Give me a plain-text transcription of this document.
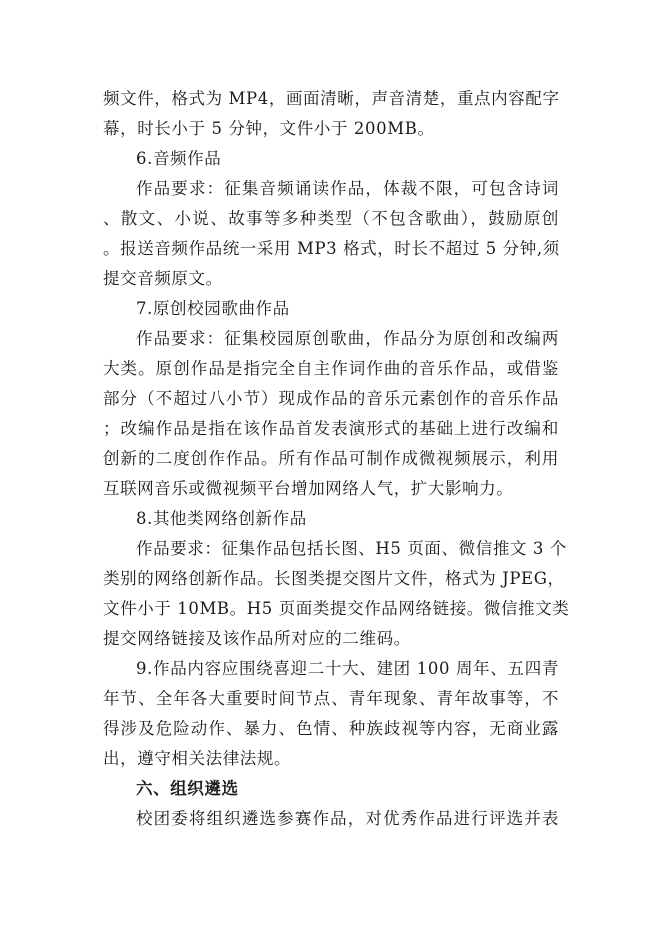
频文件，格式为 MP4，画面清晰，声音清楚，重点内容配字
幕，时长小于 5 分钟，文件小于 200MB。
6.音频作品
作品要求：征集音频诵读作品，体裁不限，可包含诗词
、散文、小说、故事等多种类型（不包含歌曲），鼓励原创
。报送音频作品统一采用 MP3 格式，时长不超过 5 分钟,须
提交音频原文。
7.原创校园歌曲作品
作品要求：征集校园原创歌曲，作品分为原创和改编两
大类。原创作品是指完全自主作词作曲的音乐作品，或借鉴
部分（不超过八小节）现成作品的音乐元素创作的音乐作品
；改编作品是指在该作品首发表演形式的基础上进行改编和
创新的二度创作作品。所有作品可制作成微视频展示，利用
互联网音乐或微视频平台增加网络人气，扩大影响力。
8.其他类网络创新作品
作品要求：征集作品包括长图、H5 页面、微信推文 3 个
类别的网络创新作品。长图类提交图片文件，格式为 JPEG，
文件小于 10MB。H5 页面类提交作品网络链接。微信推文类
提交网络链接及该作品所对应的二维码。
9.作品内容应围绕喜迎二十大、建团 100 周年、五四青
年节、全年各大重要时间节点、青年现象、青年故事等，不
得涉及危险动作、暴力、色情、种族歧视等内容，无商业露
出，遵守相关法律法规。
六、组织遴选
校团委将组织遴选参赛作品，对优秀作品进行评选并表
